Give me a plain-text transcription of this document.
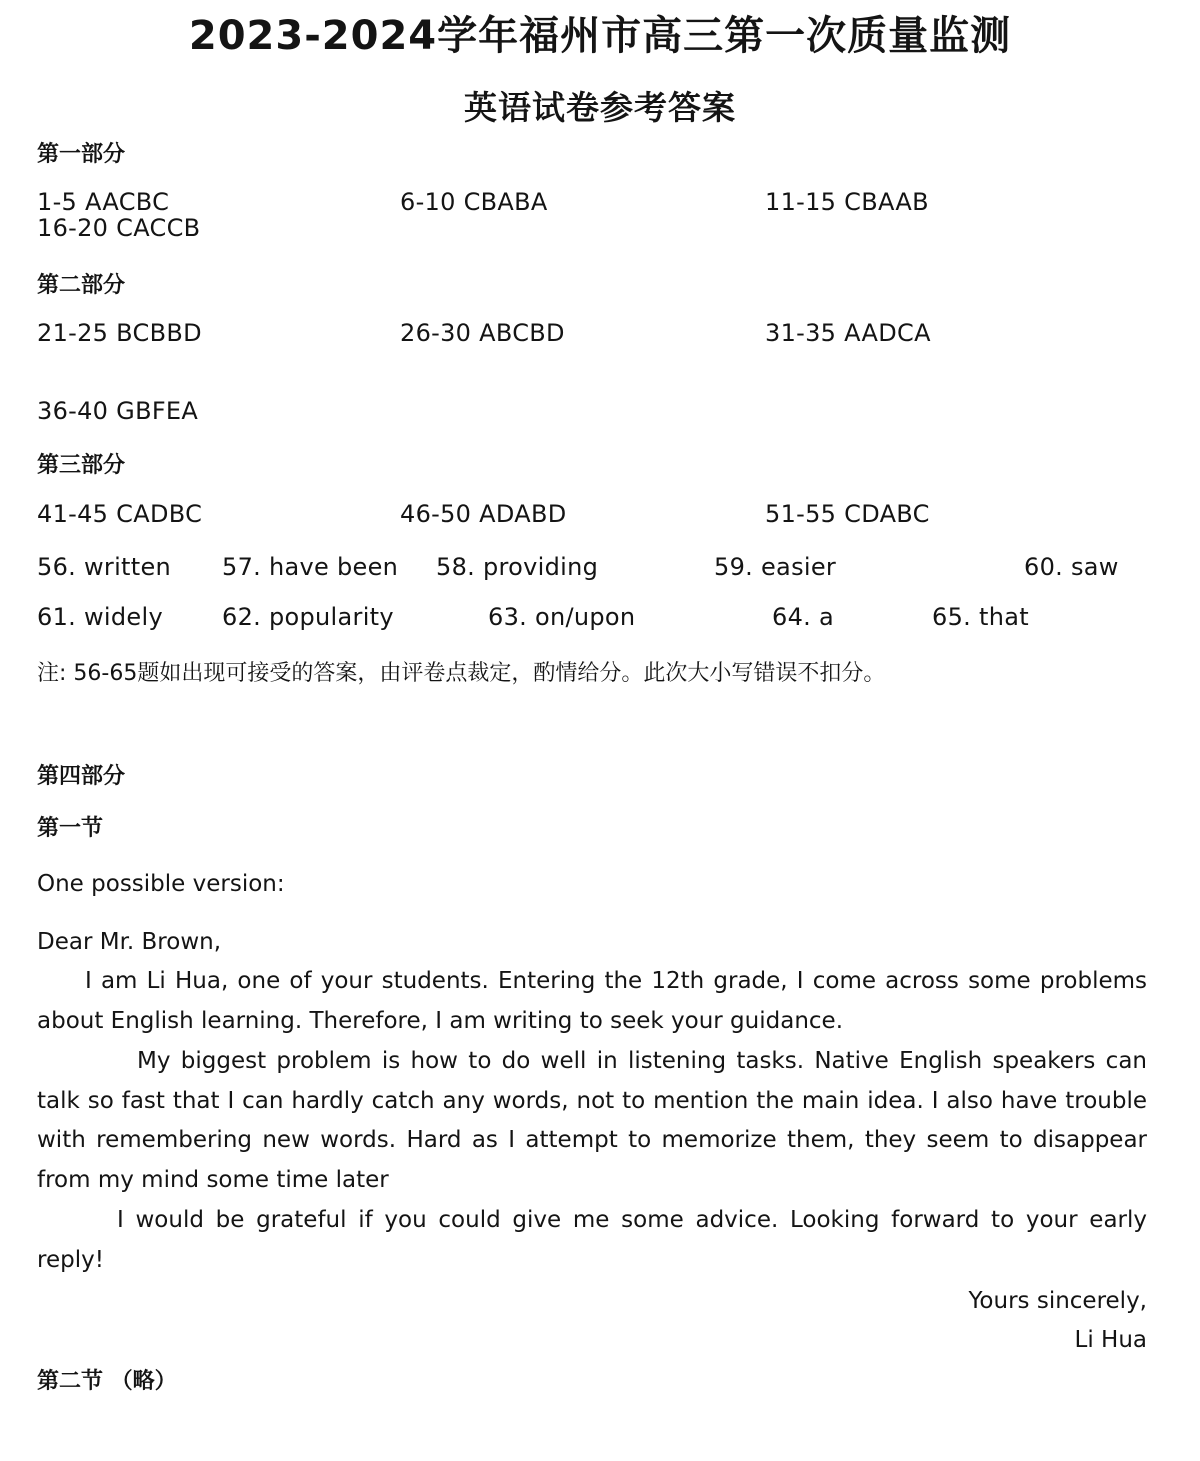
2023-2024学年福州市高三第一次质量监测
英语试卷参考答案
第一部分
1-5 AACBC	6-10 CBABA	11-15 CBAAB
16-20 CACCB
第二部分
21-25 BCBBD	26-30 ABCBD	31-35 AADCA
36-40 GBFEA
第三部分
41-45 CADBC	46-50 ADABD	51-55 CDABC
56. written 57. have been 58. providing	59. easier	60. saw
61. widely 62. popularity	63. on/upon	64. a	65. that
注: 56-65题如出现可接受的答案，由评卷点裁定，酌情给分。此次大小写错误不扣分。
第四部分
第一节
One possible version:
Dear Mr. Brown,
I am Li Hua, one of your students. Entering the 12th grade, I come across some problems about English learning. Therefore, I am writing to seek your guidance.
My biggest problem is how to do well in listening tasks. Native English speakers can talk so fast that I can hardly catch any words, not to mention the main idea. I also have trouble with remembering new words. Hard as I attempt to memorize them, they seem to disappear from my mind some time later
I would be grateful if you could give me some advice. Looking forward to your early reply!
Yours sincerely,
Li Hua
第二节 （略）
